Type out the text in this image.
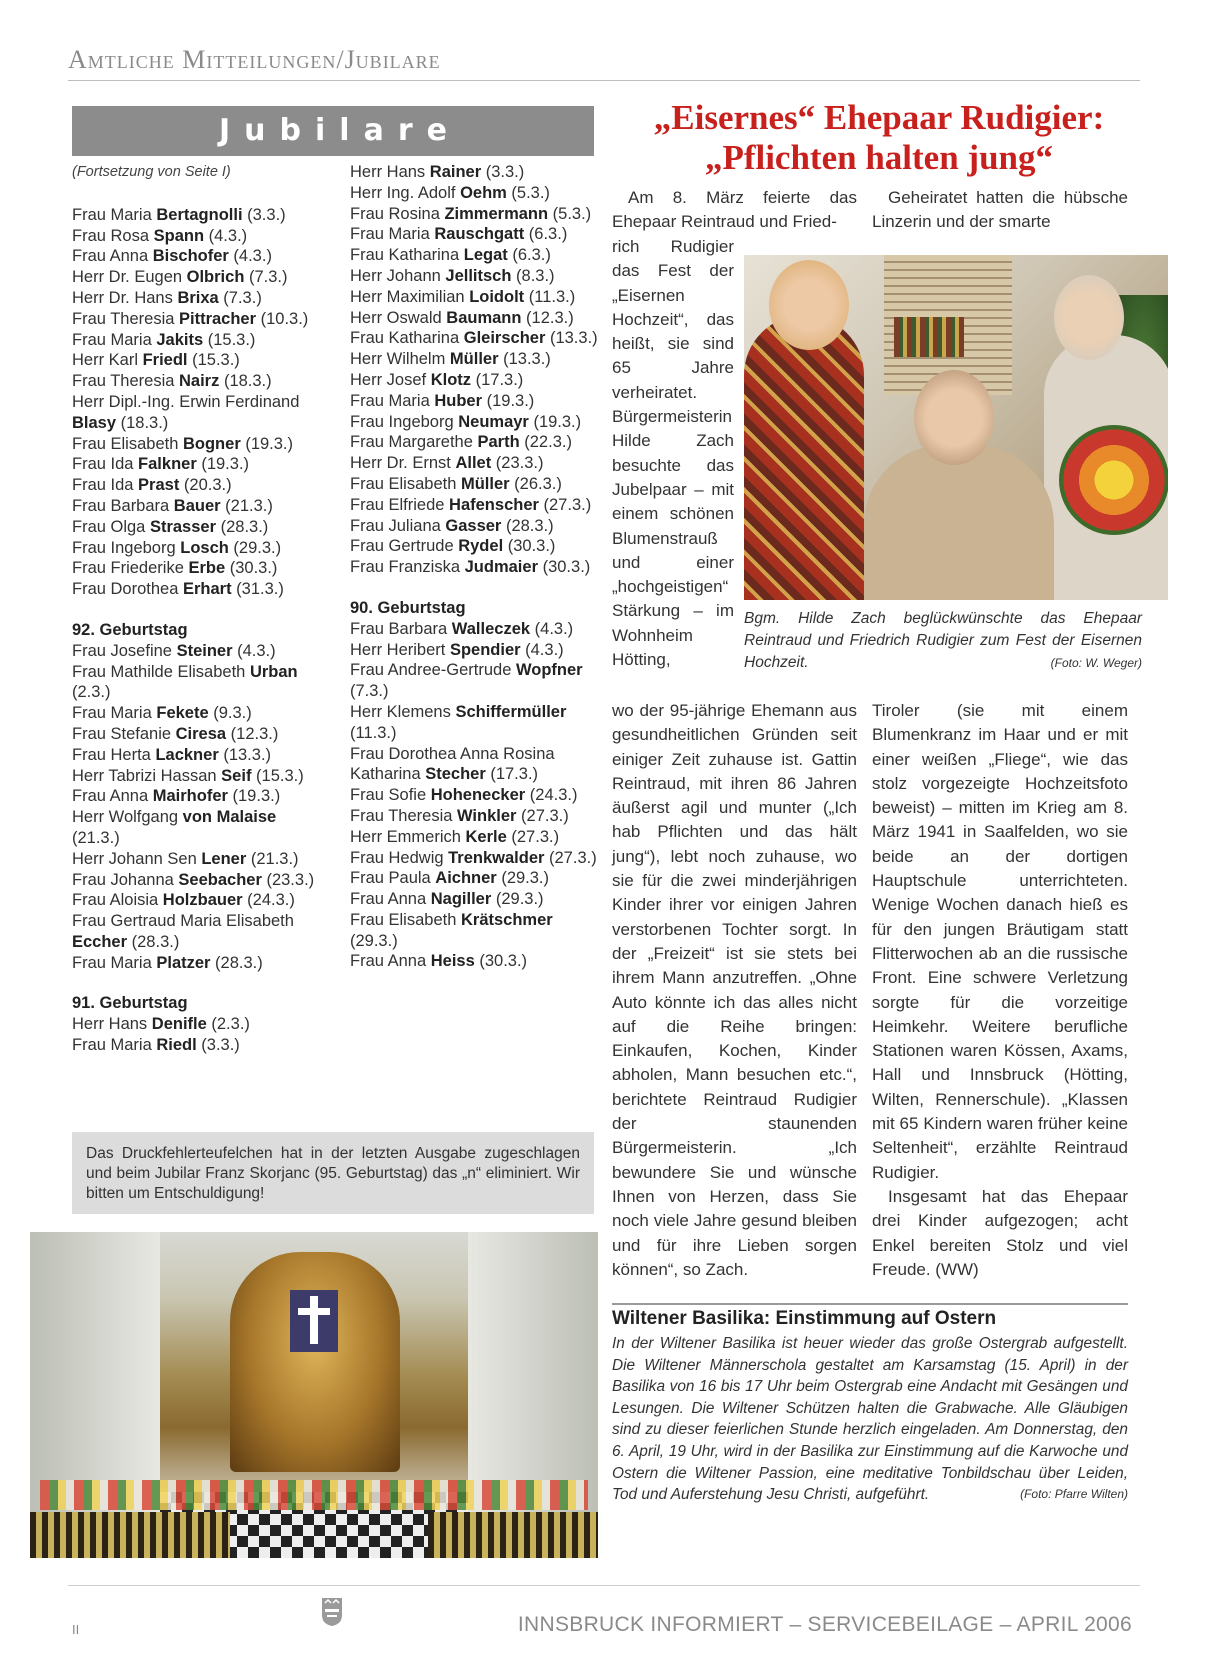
Amtliche Mitteilungen/Jubilare
Jubilare
(Fortsetzung von Seite I)
Frau Maria Bertagnolli (3.3.)
Frau Rosa Spann (4.3.)
Frau Anna Bischofer (4.3.)
Herr Dr. Eugen Olbrich (7.3.)
Herr Dr. Hans Brixa (7.3.)
Frau Theresia Pittracher (10.3.)
Frau Maria Jakits (15.3.)
Herr Karl Friedl (15.3.)
Frau Theresia Nairz (18.3.)
Herr Dipl.-Ing. Erwin Ferdinand Blasy (18.3.)
Frau Elisabeth Bogner (19.3.)
Frau Ida Falkner (19.3.)
Frau Ida Prast (20.3.)
Frau Barbara Bauer (21.3.)
Frau Olga Strasser (28.3.)
Frau Ingeborg Losch (29.3.)
Frau Friederike Erbe (30.3.)
Frau Dorothea Erhart (31.3.)
92. Geburtstag
Frau Josefine Steiner (4.3.)
Frau Mathilde Elisabeth Urban (2.3.)
Frau Maria Fekete (9.3.)
Frau Stefanie Ciresa (12.3.)
Frau Herta Lackner (13.3.)
Herr Tabrizi Hassan Seif (15.3.)
Frau Anna Mairhofer (19.3.)
Herr Wolfgang von Malaise (21.3.)
Herr Johann Sen Lener (21.3.)
Frau Johanna Seebacher (23.3.)
Frau Aloisia Holzbauer (24.3.)
Frau Gertraud Maria Elisabeth Eccher (28.3.)
Frau Maria Platzer (28.3.)
91. Geburtstag
Herr Hans Denifle (2.3.)
Frau Maria Riedl (3.3.)
Herr Hans Rainer (3.3.)
Herr Ing. Adolf Oehm (5.3.)
Frau Rosina Zimmermann (5.3.)
Frau Maria Rauschgatt (6.3.)
Frau Katharina Legat (6.3.)
Herr Johann Jellitsch (8.3.)
Herr Maximilian Loidolt (11.3.)
Herr Oswald Baumann (12.3.)
Frau Katharina Gleirscher (13.3.)
Herr Wilhelm Müller (13.3.)
Herr Josef Klotz (17.3.)
Frau Maria Huber (19.3.)
Frau Ingeborg Neumayr (19.3.)
Frau Margarethe Parth (22.3.)
Herr Dr. Ernst Allet (23.3.)
Frau Elisabeth Müller (26.3.)
Frau Elfriede Hafenscher (27.3.)
Frau Juliana Gasser (28.3.)
Frau Gertrude Rydel (30.3.)
Frau Franziska Judmaier (30.3.)
90. Geburtstag
Frau Barbara Walleczek (4.3.)
Herr Heribert Spendier (4.3.)
Frau Andree-Gertrude Wopfner (7.3.)
Herr Klemens Schiffermüller (11.3.)
Frau Dorothea Anna Rosina Katharina Stecher (17.3.)
Frau Sofie Hohenecker (24.3.)
Frau Theresia Winkler (27.3.)
Herr Emmerich Kerle (27.3.)
Frau Hedwig Trenkwalder (27.3.)
Frau Paula Aichner (29.3.)
Frau Anna Nagiller (29.3.)
Frau Elisabeth Krätschmer (29.3.)
Frau Anna Heiss (30.3.)
Das Druckfehlerteufelchen hat in der letzten Ausgabe zugeschlagen und beim Jubilar Franz Skorjanc (95. Geburtstag) das „n“ eliminiert. Wir bitten um Entschuldigung!
„Eisernes“ Ehepaar Rudigier:
„Pflichten halten jung“
Am 8. März feierte das Ehepaar Reintraud und Fried-
Geheiratet hatten die hübsche Linzerin und der smarte
rich Rudigier das Fest der „Eisernen Hochzeit“, das heißt, sie sind 65 Jahre verheiratet. Bürgermeisterin Hilde Zach besuchte das Jubelpaar – mit einem schönen Blumenstrauß und einer „hochgeistigen“ Stärkung – im Wohnheim Hötting,
Bgm. Hilde Zach beglückwünschte das Ehepaar Reintraud und Friedrich Rudigier zum Fest der Eisernen Hochzeit.	(Foto: W. Weger)
wo der 95-jährige Ehemann aus gesundheitlichen Gründen seit einiger Zeit zuhause ist. Gattin Reintraud, mit ihren 86 Jahren äußerst agil und munter („Ich hab Pflichten und das hält jung“), lebt noch zuhause, wo sie für die zwei minderjährigen Kinder ihrer vor einigen Jahren verstorbenen Tochter sorgt. In der „Freizeit“ ist sie stets bei ihrem Mann anzutreffen. „Ohne Auto könnte ich das alles nicht auf die Reihe bringen: Einkaufen, Kochen, Kinder abholen, Mann besuchen etc.“, berichtete Reintraud Rudigier der staunenden Bürgermeisterin. „Ich bewundere Sie und wünsche Ihnen von Herzen, dass Sie noch viele Jahre gesund bleiben und für ihre Lieben sorgen können“, so Zach.

Tiroler (sie mit einem Blumenkranz im Haar und er mit einer weißen „Fliege“, wie das stolz vorgezeigte Hochzeitsfoto beweist) – mitten im Krieg am 8. März 1941 in Saalfelden, wo sie beide an der dortigen Hauptschule unterrichteten. Wenige Wochen danach hieß es für den jungen Bräutigam statt Flitterwochen ab an die russische Front. Eine schwere Verletzung sorgte für die vorzeitige Heimkehr. Weitere berufliche Stationen waren Kössen, Axams, Hall und Innsbruck (Hötting, Wilten, Rennerschule). „Klassen mit 65 Kindern waren früher keine Seltenheit“, erzählte Reintraud Rudigier.

Insgesamt hat das Ehepaar drei Kinder aufgezogen; acht Enkel bereiten Stolz und viel Freude. (WW)

Wiltener Basilika: Einstimmung auf Ostern
In der Wiltener Basilika ist heuer wieder das große Ostergrab aufgestellt. Die Wiltener Männerschola gestaltet am Karsamstag (15. April) in der Basilika von 16 bis 17 Uhr beim Ostergrab eine Andacht mit Gesängen und Lesungen. Die Wiltener Schützen halten die Grabwache. Alle Gläubigen sind zu dieser feierlichen Stunde herzlich eingeladen. Am Donnerstag, den 6. April, 19 Uhr, wird in der Basilika zur Einstimmung auf die Karwoche und Ostern die Wiltener Passion, eine meditative Tonbildschau über Leiden, Tod und Auferstehung Jesu Christi, aufgeführt.	(Foto: Pfarre Wilten)
II	INNSBRUCK INFORMIERT – SERVICEBEILAGE – APRIL 2006
